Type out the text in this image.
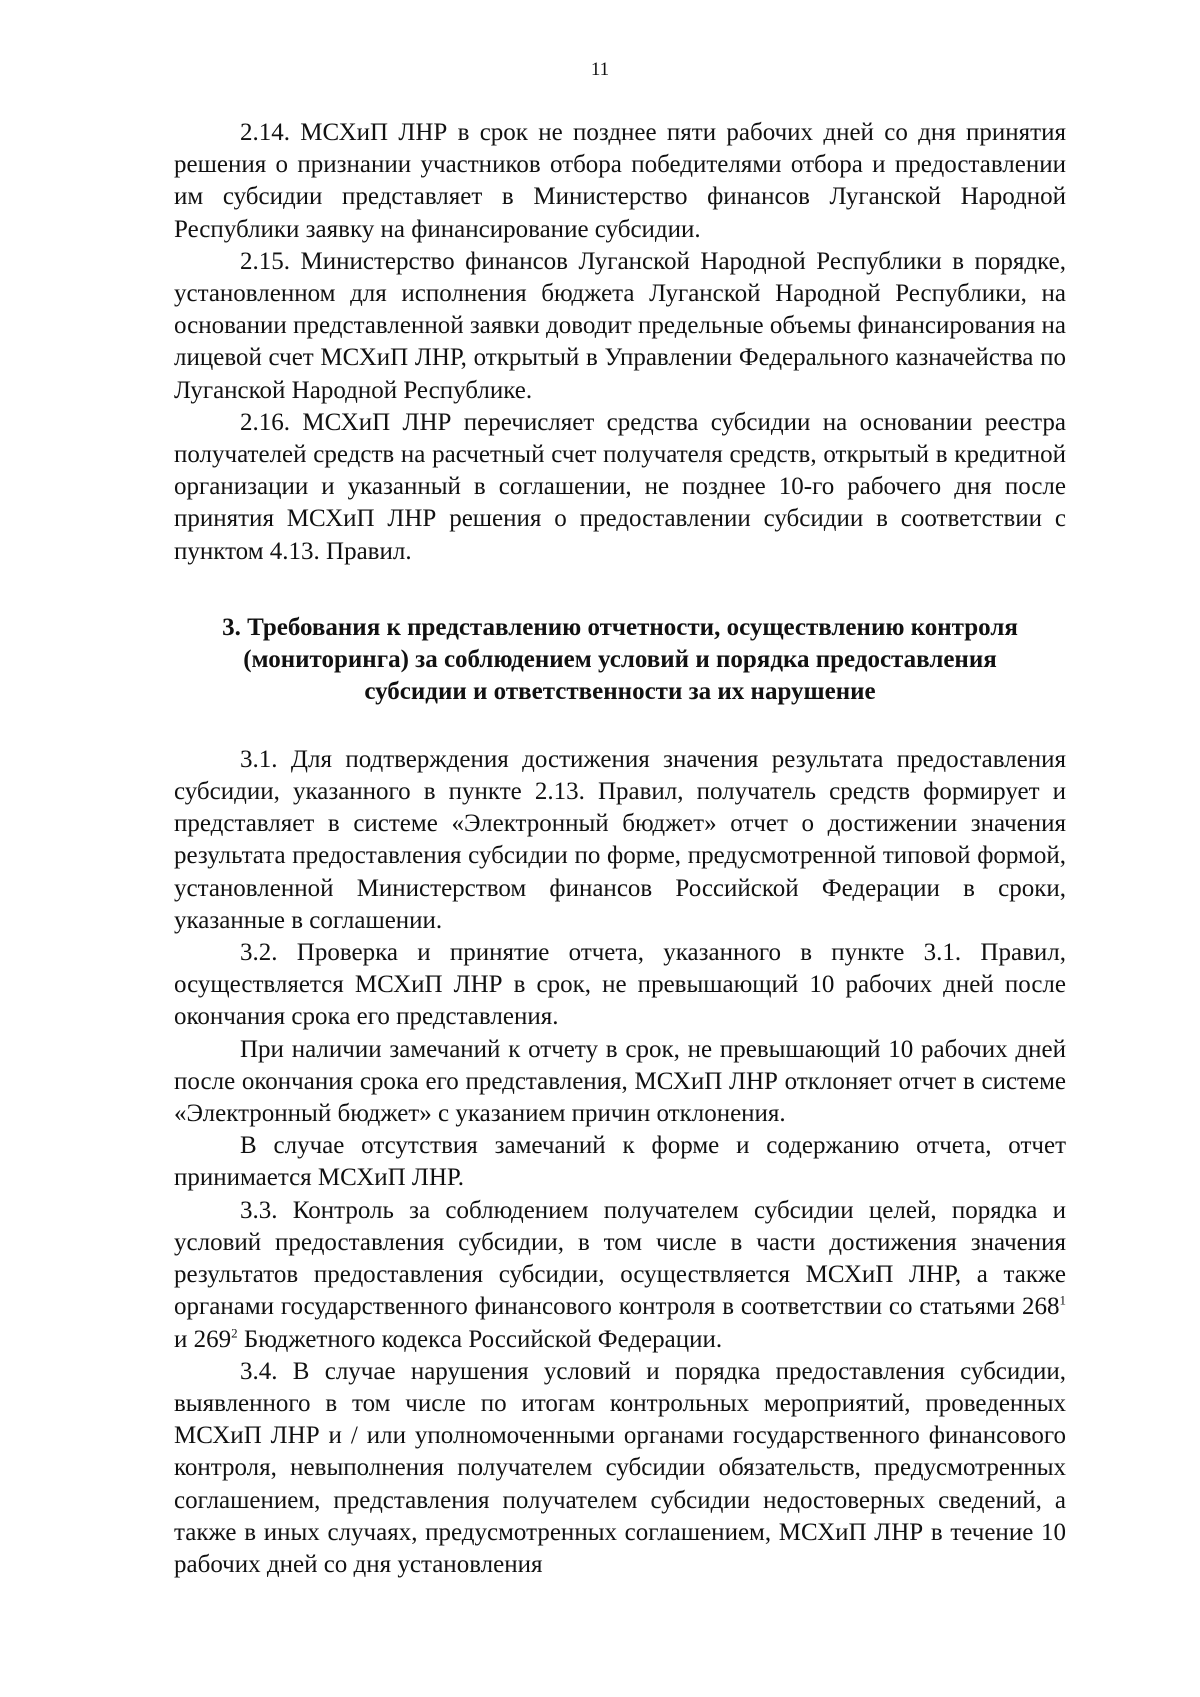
11

2.14. МСХиП ЛНР в срок не позднее пяти рабочих дней со дня принятия решения о признании участников отбора победителями отбора и предоставлении им субсидии представляет в Министерство финансов Луганской Народной Республики заявку на финансирование субсидии.

2.15. Министерство финансов Луганской Народной Республики в порядке, установленном для исполнения бюджета Луганской Народной Республики, на основании представленной заявки доводит предельные объемы финансирования на лицевой счет МСХиП ЛНР, открытый в Управлении Федерального казначейства по Луганской Народной Республике.

2.16. МСХиП ЛНР перечисляет средства субсидии на основании реестра получателей средств на расчетный счет получателя средств, открытый в кредитной организации и указанный в соглашении, не позднее 10-го рабочего дня после принятия МСХиП ЛНР решения о предоставлении субсидии в соответствии с пунктом 4.13. Правил.

3. Требования к представлению отчетности, осуществлению контроля (мониторинга) за соблюдением условий и порядка предоставления субсидии и ответственности за их нарушение

3.1. Для подтверждения достижения значения результата предоставления субсидии, указанного в пункте 2.13. Правил, получатель средств формирует и представляет в системе «Электронный бюджет» отчет о достижении значения результата предоставления субсидии по форме, предусмотренной типовой формой, установленной Министерством финансов Российской Федерации в сроки, указанные в соглашении.

3.2. Проверка и принятие отчета, указанного в пункте 3.1. Правил, осуществляется МСХиП ЛНР в срок, не превышающий 10 рабочих дней после окончания срока его представления.

При наличии замечаний к отчету в срок, не превышающий 10 рабочих дней после окончания срока его представления, МСХиП ЛНР отклоняет отчет в системе «Электронный бюджет» с указанием причин отклонения.

В случае отсутствия замечаний к форме и содержанию отчета, отчет принимается МСХиП ЛНР.

3.3. Контроль за соблюдением получателем субсидии целей, порядка и условий предоставления субсидии, в том числе в части достижения значения результатов предоставления субсидии, осуществляется МСХиП ЛНР, а также органами государственного финансового контроля в соответствии со статьями $268^1$ и $269^2$ Бюджетного кодекса Российской Федерации.

3.4. В случае нарушения условий и порядка предоставления субсидии, выявленного в том числе по итогам контрольных мероприятий, проведенных МСХиП ЛНР и / или уполномоченными органами государственного финансового контроля, невыполнения получателем субсидии обязательств, предусмотренных соглашением, представления получателем субсидии недостоверных сведений, а также в иных случаях, предусмотренных соглашением, МСХиП ЛНР в течение 10 рабочих дней со дня установления
